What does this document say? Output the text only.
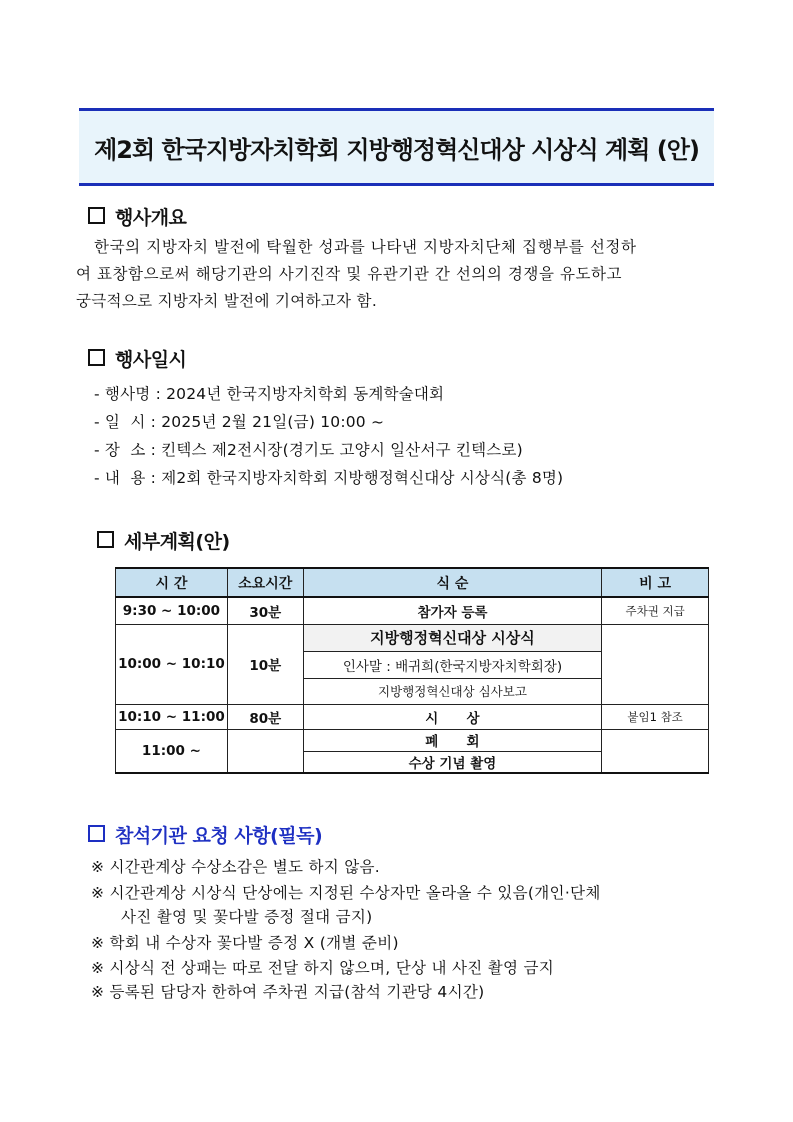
제2회 한국지방자치학회 지방행정혁신대상 시상식 계획 (안)
행사개요
한국의 지방자치 발전에 탁월한 성과를 나타낸 지방자치단체 집행부를 선정하
여 표창함으로써 해당기관의 사기진작 및 유관기관 간 선의의 경쟁을 유도하고
궁극적으로 지방자치 발전에 기여하고자 함.
행사일시
- 행사명 : 2024년 한국지방자치학회 동계학술대회
- 일  시 : 2025년 2월 21일(금) 10:00 ~
- 장  소 : 킨텍스 제2전시장(경기도 고양시 일산서구 킨텍스로)
- 내  용 : 제2회 한국지방자치학회 지방행정혁신대상 시상식(총 8명)
세부계획(안)
시 간	소요시간	식 순	비 고
9:30 ~ 10:00	30분	참가자 등록	주차권 지급
10:00 ~ 10:10	10분	지방행정혁신대상 시상식	
		인사말 : 배귀희(한국지방자치학회장)	
		지방행정혁신대상 심사보고	
10:10 ~ 11:00	80분	시      상	붙임1 참조
11:00 ~		폐      회	
		수상 기념 촬영	
참석기관 요청 사항(필독)
※ 시간관계상 수상소감은 별도 하지 않음.
※ 시간관계상 시상식 단상에는 지정된 수상자만 올라올 수 있음(개인·단체
사진 촬영 및 꽃다발 증정 절대 금지)
※ 학회 내 수상자 꽃다발 증정 X (개별 준비)
※ 시상식 전 상패는 따로 전달 하지 않으며, 단상 내 사진 촬영 금지
※ 등록된 담당자 한하여 주차권 지급(참석 기관당 4시간)
